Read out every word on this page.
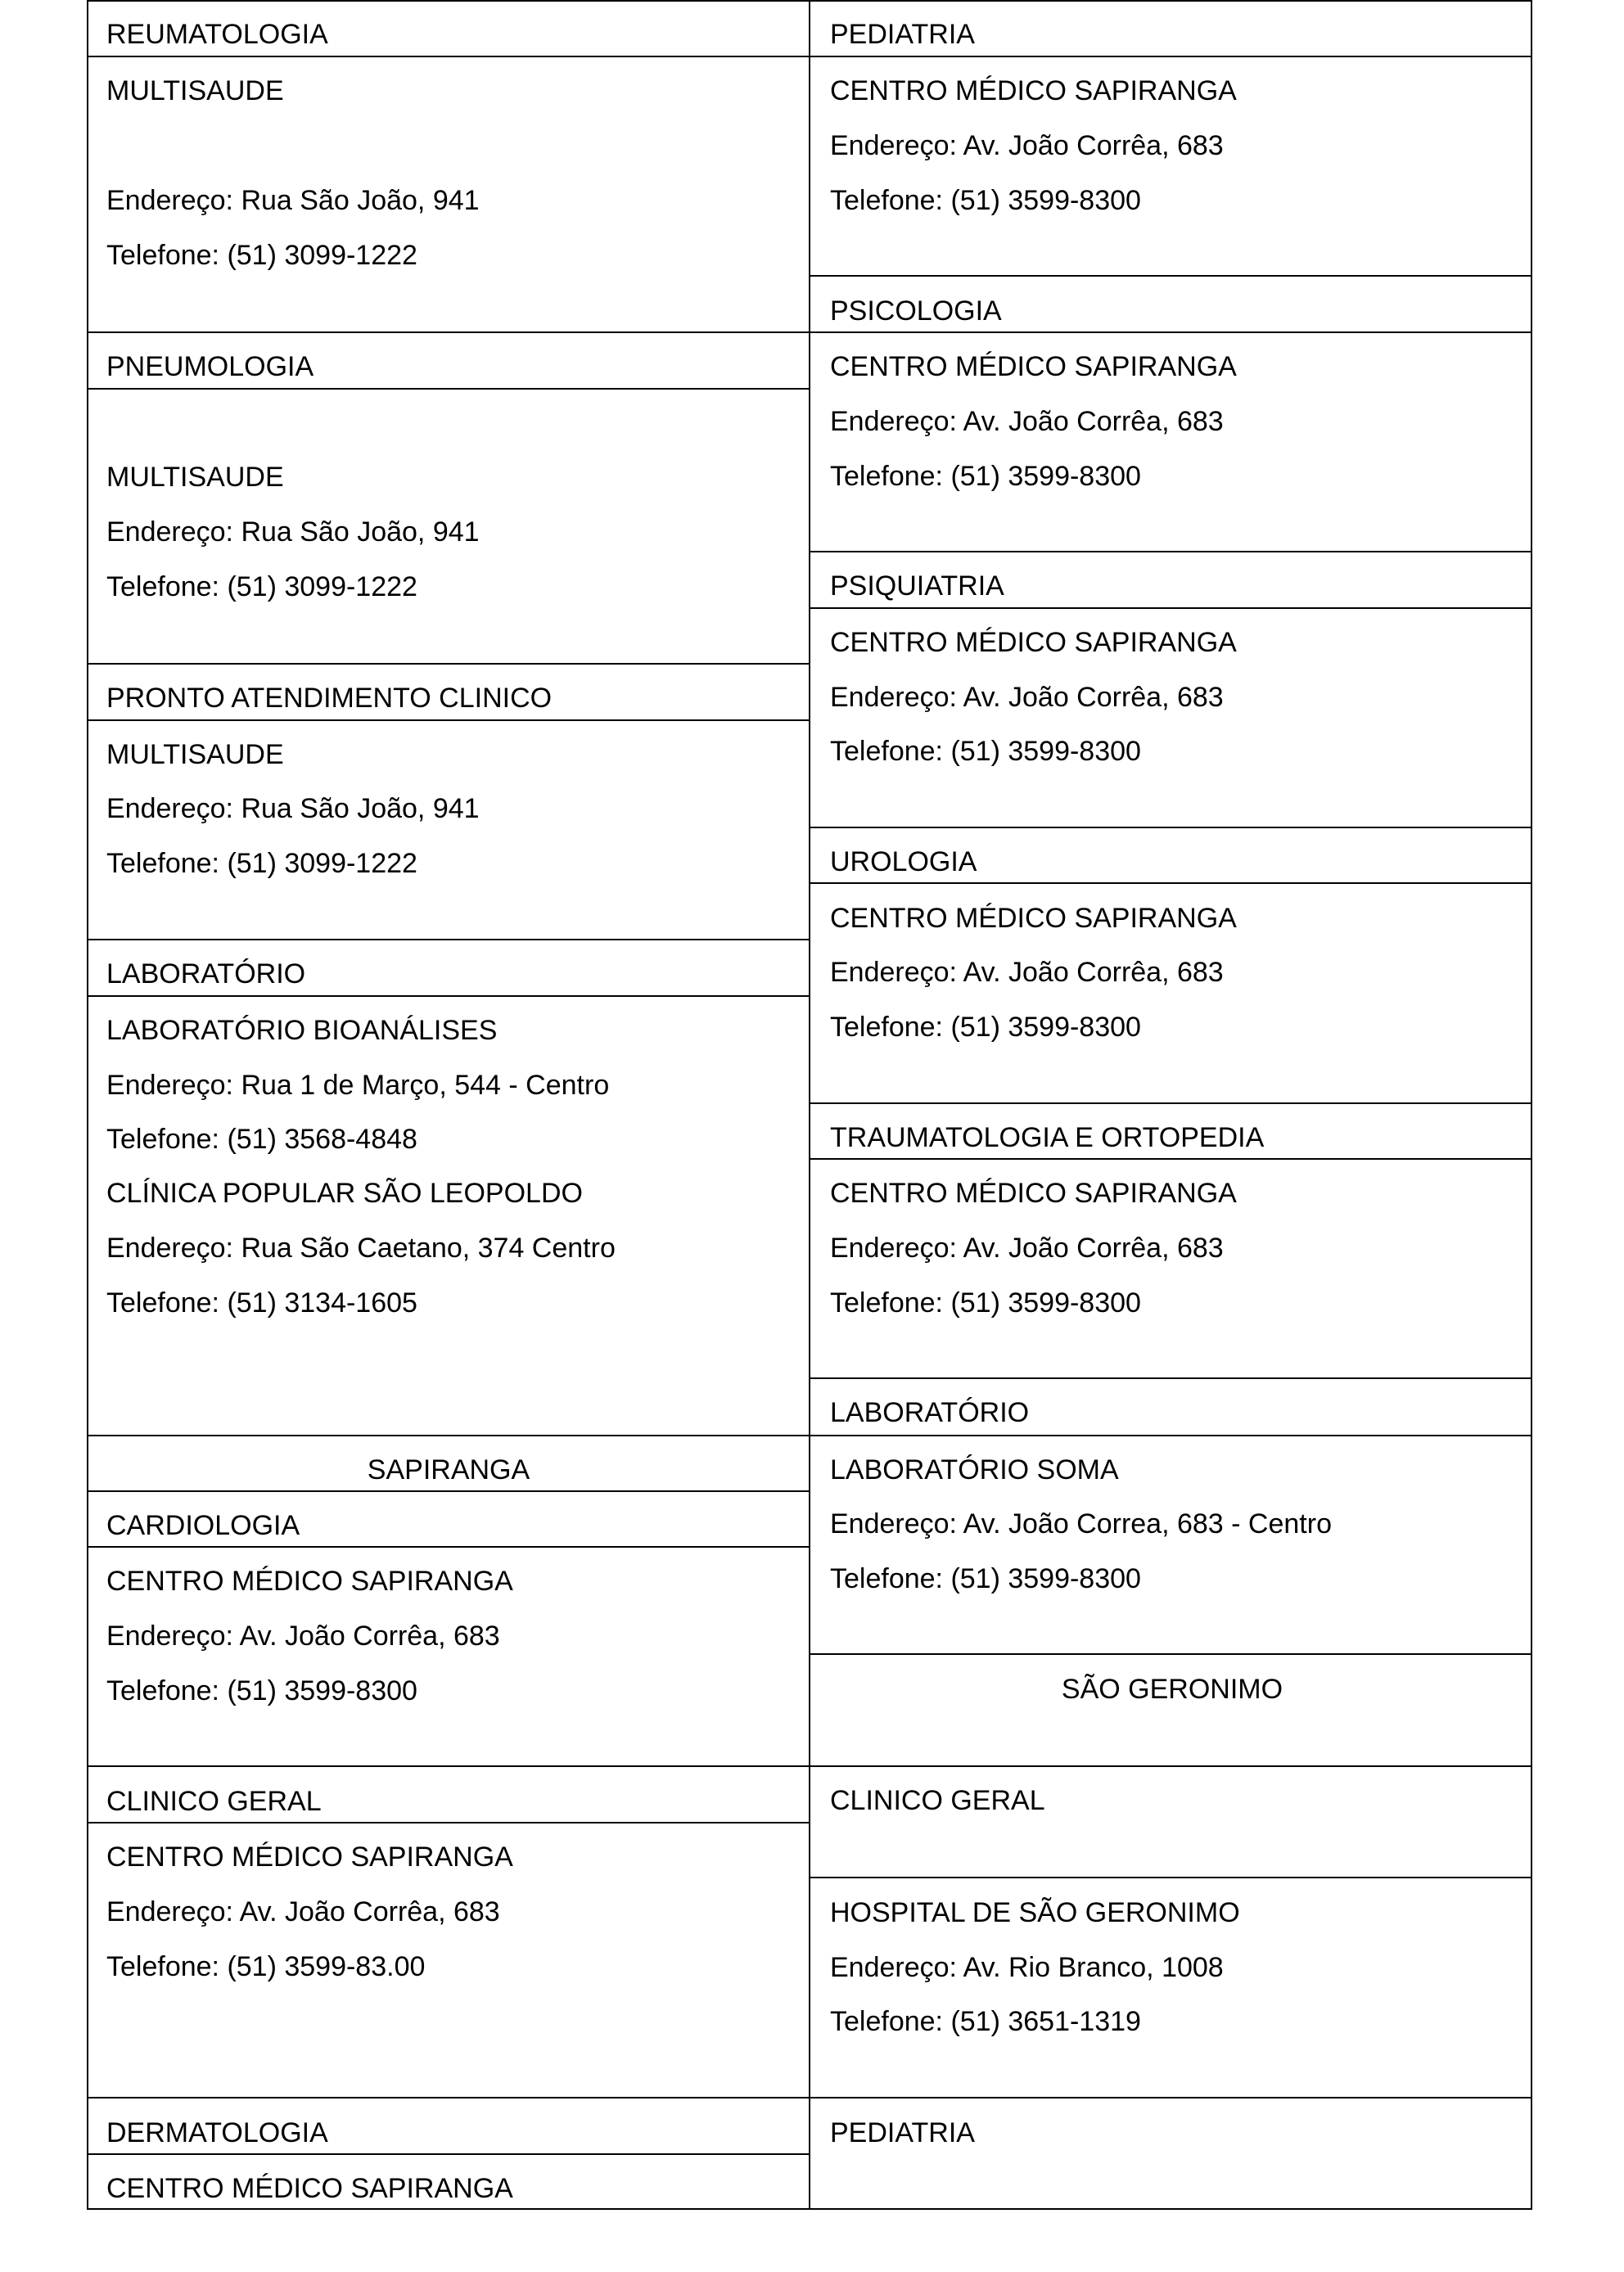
REUMATOLOGIA
MULTISAUDE
Endereço: Rua São João, 941
Telefone: (51) 3099-1222
PNEUMOLOGIA
MULTISAUDE
Endereço: Rua São João, 941
Telefone: (51) 3099-1222
PRONTO ATENDIMENTO CLINICO
MULTISAUDE
Endereço: Rua São João, 941
Telefone: (51) 3099-1222
LABORATÓRIO
LABORATÓRIO BIOANÁLISES
Endereço: Rua 1 de Março, 544 - Centro
Telefone: (51) 3568-4848
CLÍNICA POPULAR SÃO LEOPOLDO
Endereço: Rua São Caetano, 374 Centro
Telefone: (51) 3134-1605
SAPIRANGA
CARDIOLOGIA
CENTRO MÉDICO SAPIRANGA
Endereço: Av. João Corrêa, 683
Telefone: (51) 3599-8300
CLINICO GERAL
CENTRO MÉDICO SAPIRANGA
Endereço: Av. João Corrêa, 683
Telefone: (51) 3599-83.00
DERMATOLOGIA
CENTRO MÉDICO SAPIRANGA
PEDIATRIA
CENTRO MÉDICO SAPIRANGA
Endereço: Av. João Corrêa, 683
Telefone: (51) 3599-8300
PSICOLOGIA
CENTRO MÉDICO SAPIRANGA
Endereço: Av. João Corrêa, 683
Telefone: (51) 3599-8300
PSIQUIATRIA
CENTRO MÉDICO SAPIRANGA
Endereço: Av. João Corrêa, 683
Telefone: (51) 3599-8300
UROLOGIA
CENTRO MÉDICO SAPIRANGA
Endereço: Av. João Corrêa, 683
Telefone: (51) 3599-8300
TRAUMATOLOGIA E ORTOPEDIA
CENTRO MÉDICO SAPIRANGA
Endereço: Av. João Corrêa, 683
Telefone: (51) 3599-8300
LABORATÓRIO
LABORATÓRIO SOMA
Endereço: Av. João Correa, 683 - Centro
Telefone: (51) 3599-8300
SÃO GERONIMO
CLINICO GERAL
HOSPITAL DE SÃO GERONIMO
Endereço: Av. Rio Branco, 1008
Telefone: (51) 3651-1319
PEDIATRIA
